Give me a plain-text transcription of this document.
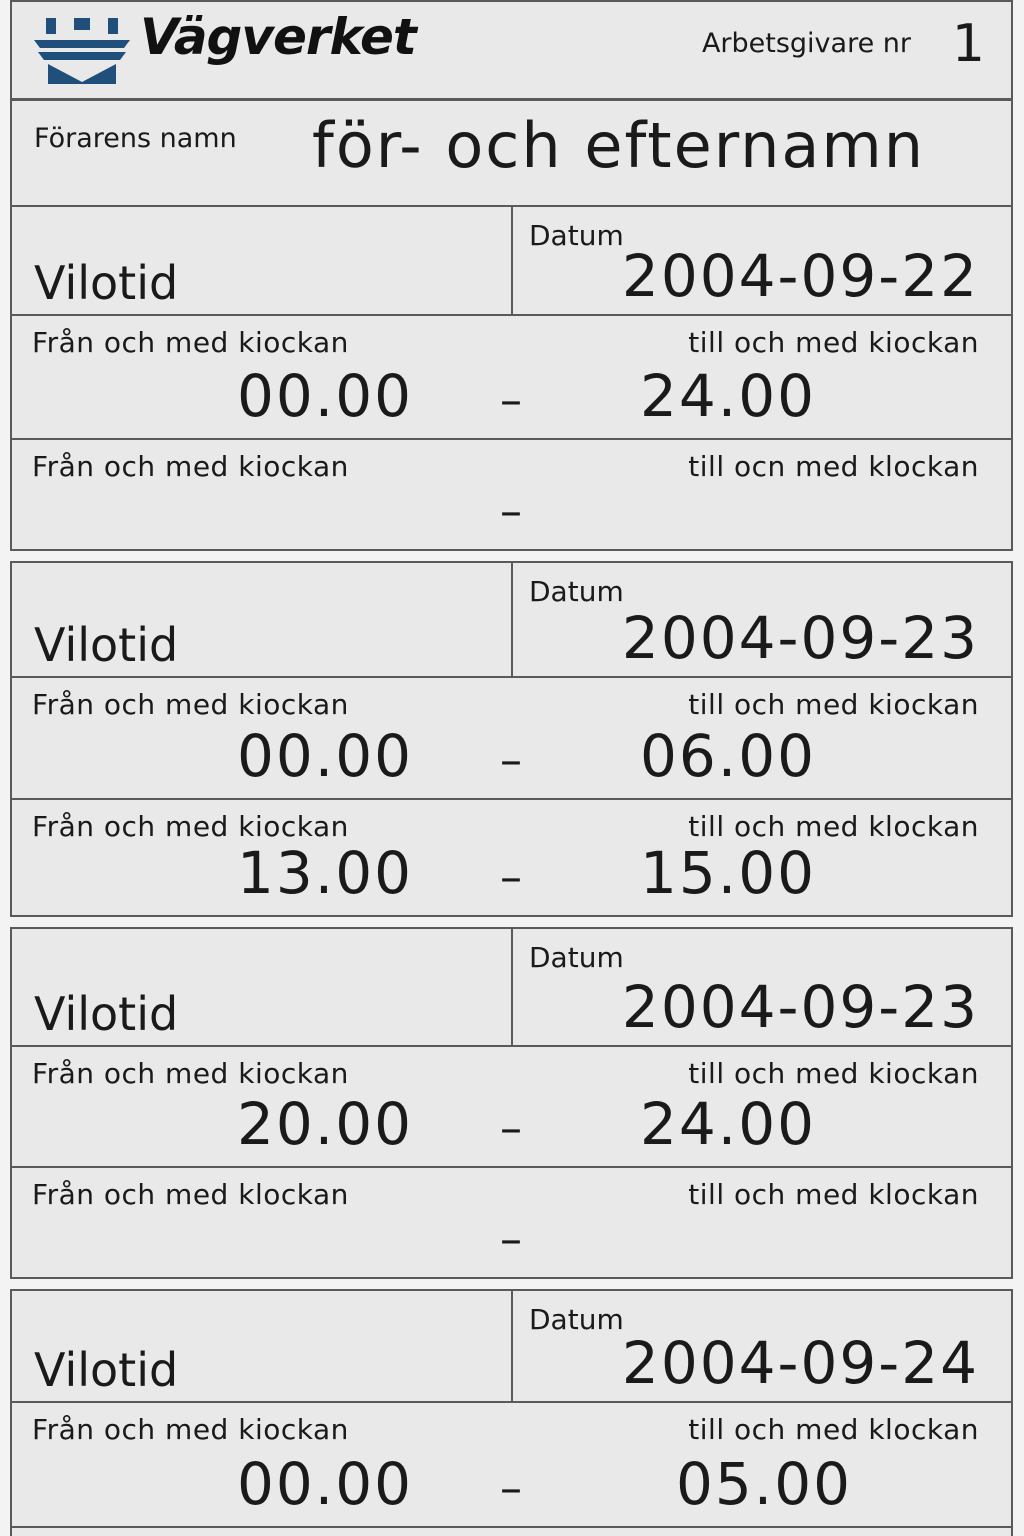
Vägverket	Arbetsgivare nr 1
Förarens namn för- och efternamn
Vilotid
Datum
2004-09-22
Från och med kiockan	till och med kiockan
00.00 – 24.00
Från och med kiockan	till ocn med klockan
–
Vilotid
Datum
2004-09-23
Från och med kiockan	till och med kiockan
00.00 – 06.00
Från och med kiockan	till och med klockan
13.00 – 15.00
Vilotid
Datum
2004-09-23
Från och med kiockan	till och med kiockan
20.00 – 24.00
Från och med klockan	till och med klockan
–
Vilotid
Datum
2004-09-24
Från och med kiockan	till och med klockan
00.00 –	05.00
